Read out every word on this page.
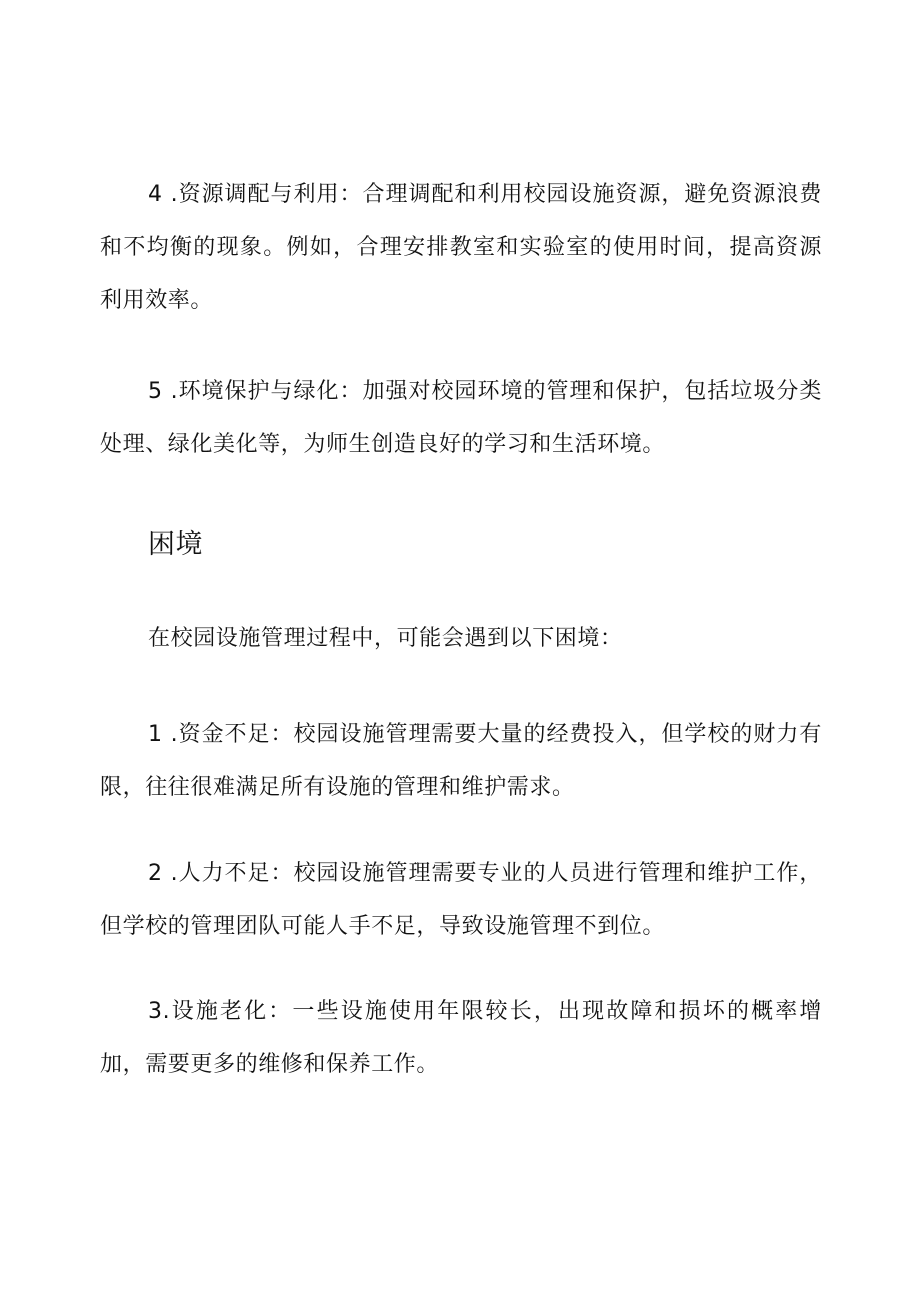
4 .资源调配与利用：合理调配和利用校园设施资源，避免资源浪费和不均衡的现象。例如，合理安排教室和实验室的使用时间，提高资源利用效率。

5 .环境保护与绿化：加强对校园环境的管理和保护，包括垃圾分类处理、绿化美化等，为师生创造良好的学习和生活环境。

困境

在校园设施管理过程中，可能会遇到以下困境：

1 .资金不足：校园设施管理需要大量的经费投入，但学校的财力有限，往往很难满足所有设施的管理和维护需求。

2 .人力不足：校园设施管理需要专业的人员进行管理和维护工作，但学校的管理团队可能人手不足，导致设施管理不到位。

3.设施老化：一些设施使用年限较长，出现故障和损坏的概率增加，需要更多的维修和保养工作。
